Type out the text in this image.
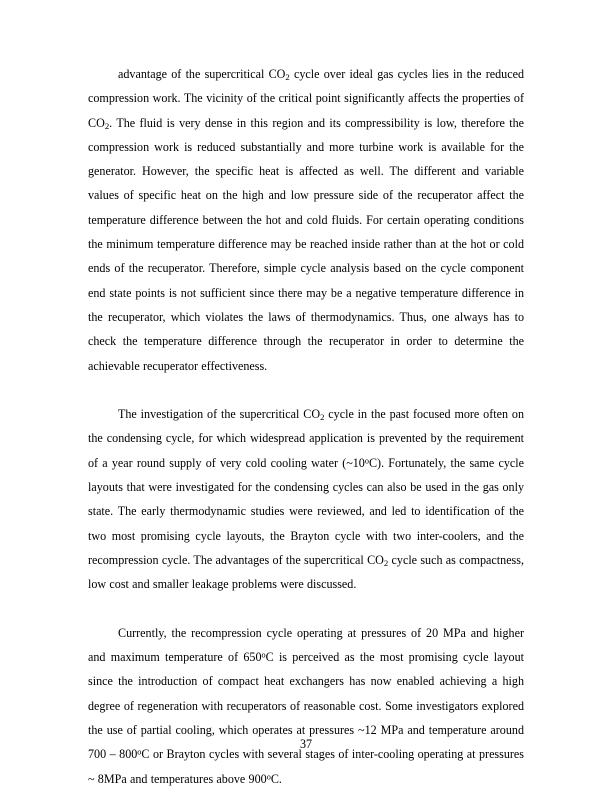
advantage of the supercritical $CO_2$ cycle over ideal gas cycles lies in the reduced compression work. The vicinity of the critical point significantly affects the properties of $CO_2$. The fluid is very dense in this region and its compressibility is low, therefore the compression work is reduced substantially and more turbine work is available for the generator. However, the specific heat is affected as well. The different and variable values of specific heat on the high and low pressure side of the recuperator affect the temperature difference between the hot and cold fluids. For certain operating conditions the minimum temperature difference may be reached inside rather than at the hot or cold ends of the recuperator. Therefore, simple cycle analysis based on the cycle component end state points is not sufficient since there may be a negative temperature difference in the recuperator, which violates the laws of thermodynamics. Thus, one always has to check the temperature difference through the recuperator in order to determine the achievable recuperator effectiveness.

The investigation of the supercritical $CO_2$ cycle in the past focused more often on the condensing cycle, for which widespread application is prevented by the requirement of a year round supply of very cold cooling water (~10$^o$C). Fortunately, the same cycle layouts that were investigated for the condensing cycles can also be used in the gas only state. The early thermodynamic studies were reviewed, and led to identification of the two most promising cycle layouts, the Brayton cycle with two inter-coolers, and the recompression cycle. The advantages of the supercritical $CO_2$ cycle such as compactness, low cost and smaller leakage problems were discussed.

Currently, the recompression cycle operating at pressures of 20 MPa and higher and maximum temperature of 650$^o$C is perceived as the most promising cycle layout since the introduction of compact heat exchangers has now enabled achieving a high degree of regeneration with recuperators of reasonable cost. Some investigators explored the use of partial cooling, which operates at pressures ~12 MPa and temperature around 700 – 800$^o$C or Brayton cycles with several stages of inter-cooling operating at pressures ~ 8MPa and temperatures above 900$^o$C.

37
